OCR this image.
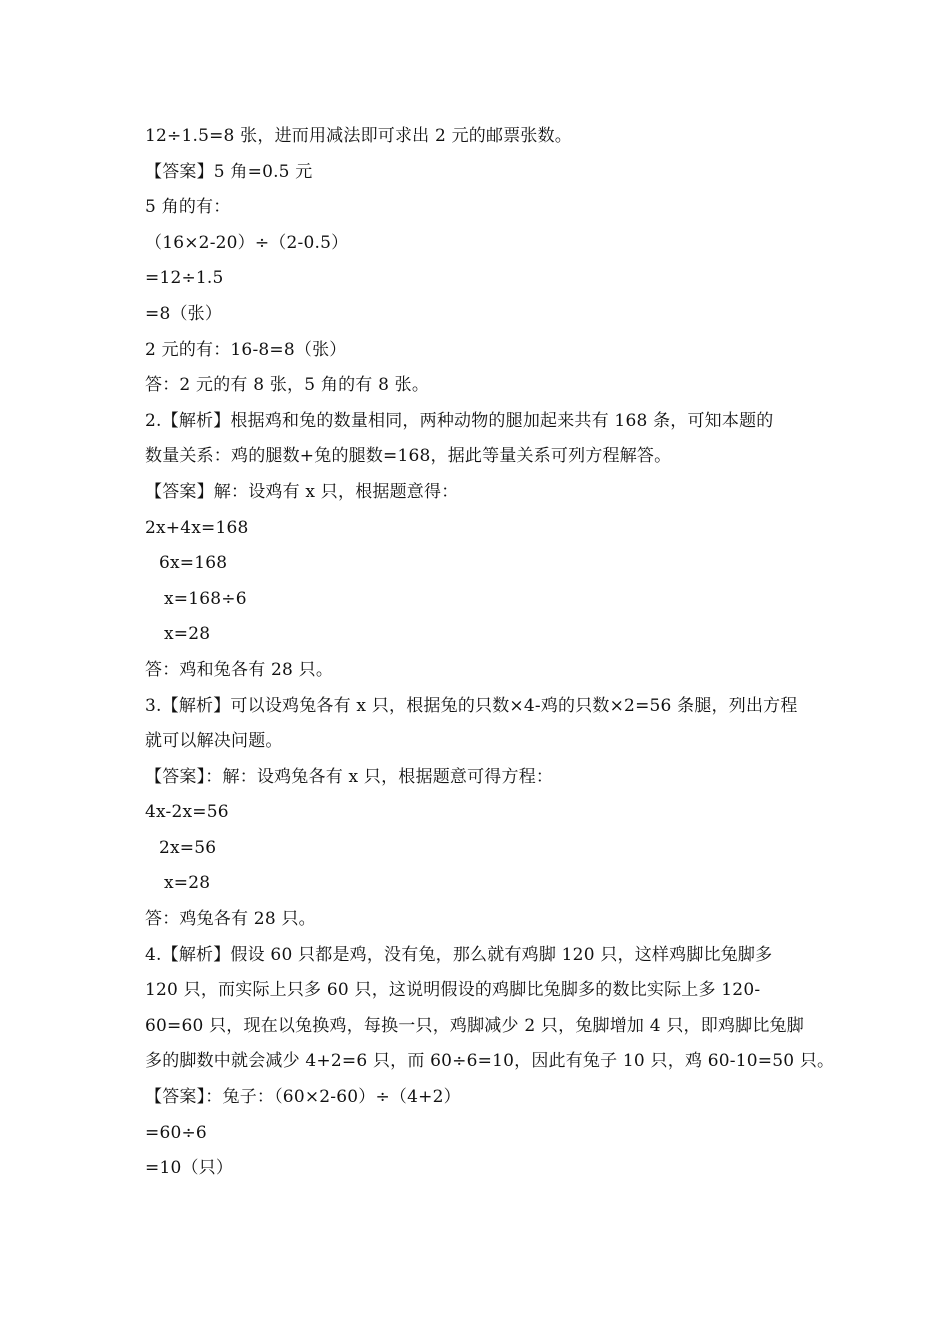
12÷1.5=8 张，进而用减法即可求出 2 元的邮票张数。
【答案】5 角=0.5 元
5 角的有：
（16×2-20）÷（2-0.5）
=12÷1.5
=8（张）
2 元的有：16-8=8（张）
答：2 元的有 8 张，5 角的有 8 张。
2.【解析】根据鸡和兔的数量相同，两种动物的腿加起来共有 168 条，可知本题的
数量关系：鸡的腿数+兔的腿数=168，据此等量关系可列方程解答。
【答案】解：设鸡有 x 只，根据题意得：
2x+4x=168
6x=168
x=168÷6
x=28
答：鸡和兔各有 28 只。
3.【解析】可以设鸡兔各有 x 只，根据兔的只数×4-鸡的只数×2=56 条腿，列出方程
就可以解决问题。
【答案】：解：设鸡兔各有 x 只，根据题意可得方程：
4x-2x=56
2x=56
x=28
答：鸡兔各有 28 只。
4.【解析】假设 60 只都是鸡，没有兔，那么就有鸡脚 120 只，这样鸡脚比兔脚多
120 只，而实际上只多 60 只，这说明假设的鸡脚比兔脚多的数比实际上多 120-
60=60 只，现在以兔换鸡，每换一只，鸡脚减少 2 只，兔脚增加 4 只，即鸡脚比兔脚
多的脚数中就会减少 4+2=6 只，而 60÷6=10，因此有兔子 10 只，鸡 60-10=50 只。
【答案】：兔子：（60×2-60）÷（4+2）
=60÷6
=10（只）
